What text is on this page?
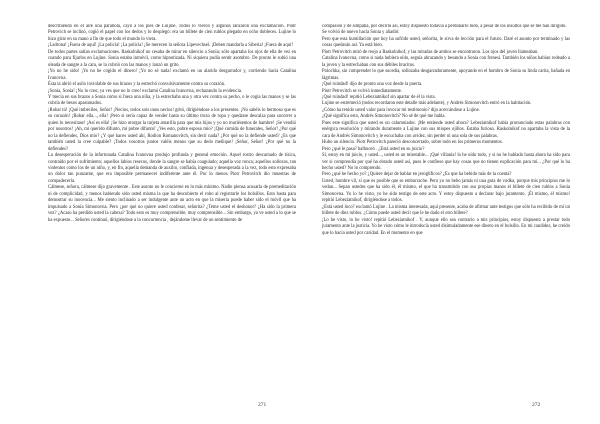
describiendo en el aire una parábola, cayó a los pies de Luijine. Todos lo vieron y algunos lanzaron una exclamación. Piotr Petrovich se inclinó, cogió el papel con los dedos y lo desplegó: era un billete de cien rublos plegado en ocho dobleces. Lujine lo hizo girar en su mano a fin de que todo el mundo lo viera.

¡Ladrona! ¡Fuera de aquí! ¡La policía! ¡La policía! ¡Se merecen la señora Lipevechsel. ¡Deben mandarla a Siberia! ¡Fuera de aquí!

De todos partes salían exclamaciones. Raskolnikof no cesaba de mirar en silencio a Sonia; sólo apartaba los ojos de ella de vez en cuando para fijarlos en Lujine. Sonia estaba inmóvil, como hipnotizada. Ni siquiera podía sentir asombro. De pronto le subió una oleada de sangre a la cara, se la cubrió con las manos y lanzó un grito.

¡Yo no he sido! ¡Yo no he cogido el dinero! ¡Yo no sé nada! exclamó en un alarido desgarrador y, corriendo hacia Catalina Ivanovna.

Ésta la abrió el asilo inviolable de sus brazos y la estrechó convulsivamente contra su corazón.

¡Sonia, Sonia! ¡No lo creo; ya ves que no lo creo! exclamó Catalina Ivanovna, rechazando la evidencia.

Y mecía en sus brazos a Sonia como si fuera una niña, y la estrechaba una y otra vez contra su pecho, o le cogía las manos y se las cubría de besos apasionados.

¡Robar tú! ¡Qué imbéciles, Señor! ¡Necios, todos sois unos necios! gritó, dirigiéndose a los presentes. ¡No sabéis lo hermoso que es su corazón! ¡Robar ella..., ella! ¡Pero si sería capaz de vender hasta su último trozo de ropa y quedarse descalza para socorrer a quien lo necesitase! ¡Así es ella! ¡Se hizo otorgar la tarjeta amarilla para que mis hijos y yo no muriésemos de hambre! ¡Se vendió por nosotros! ¡Ah, mi querido difunto, mi pobre difunto! ¿Ves esto, pobre esposo mío? ¡Qué comida de funerales, Señor! ¿Por qué no la defiendes, Dios mío? ¿Y qué haces usted ahí, Rodion Romanovitch, sin decir nada? ¿Por qué no la defiende usted? ¿Es que también usted la cree culpable? ¡Todos vosotros juntos valéis menos que su dedo meñique! ¡Señor, Señor! ¿Por qué no la defiendes?

La desesperación de la infortunada Catalina Ivanovna produjo profunda y general emoción. Aquel rostro descarnado de tísica, contraído por el sufrimiento; aquellos labios resecos, donde la sangre se había coagulado; aquella voz ronca; aquellos sollozos, tan violentos como los de un niño, y, en fin, aquella demanda de auxilio, confiada, ingenua y desesperada a la vez, todo esto expresaba un dolor tan punzante, que era imposible permanecer indiferente ante él. Por lo menos Piotr Petrovitch dio muestras de compadecerla.

Cálmese, señora, cálmese dijo gravemente . Este asunto no le concierne en lo más mínimo. Nadie piensa acusarla de premeditación ni de complicidad, y menos habiendo sido usted misma la que ha descubierto el robo al registrarle los bolsillos. Esto basta para demostrar su inocencia... Me siento inclinado a ser indulgente ante un acto en que la miseria puede haber sido el móvil que ha impulsado a Sonia Simonovna. Pero ¿por qué no quiere usted confesar, señorita? ¿Teme usted el deshonor? ¿Ha sido la primera vez? ¿Acaso ha perdido usted la cabeza? Todo esto es muy comprensible, muy comprensible... Sin embargo, ya ve usted a lo que se ha expuesto... Señores continuó, dirigiéndose a la concurrencia , dejándome llevar de un sentimiento de

271

compasión y de simpatía, por decirlo así, estoy dispuesto todavía a perdonarlo todo, a pesar de los insultos que se me han dirigido.

Se volvió de nuevo hacia Sonia y añadió:

Pero que esta humillación que hoy ha sufrido usted, señorita, le sirva de lección para el futuro. Daré el asunto por terminado y las cosas quedarán así. Ya está bien.

Piotr Petrovitch miró de reojo a Raskolnikof, y las miradas de ambos se encontraron. Los ojos del joven llameaban.

Catalina Ivanovna, como si nada hubiera oído, seguía abrazando y besando a Sonia con frenesí. También los niños habían rodeado a la joven y la estrechaban con sus débiles bracitos.

Polochka, sin comprender lo que sucedía, sollozaba desgarradoramente, apoyando en el hombro de Sonia su linda carita, bañada en lágrimas.

¡Qué ruindad! dijo de pronto una voz desde la puerta.

Piotr Petrovitch se volvió inmediatamente.

¡Qué ruindad! repitió Lebeziatnikof sin apartar de él la vista.

Lujine se estremeció (todos recordaron este detalle más adelante), y Andrés Simonovitch entró en la habitación.

¿Cómo ha tenido usted valor para invocar mi testimonio? dijo acercándose a Lujine.

¿Qué significa esto, Andrés Simonovitch? No sé de qué me habla.

Pues este significa que usted es un calumniador. ¡Me entiende usted ahora? Lebeziatnikof había pronunciado estas palabras con enérgica resolución y mirando duramente a Lujine con sus miopes ojillos. Estaba furioso. Raskolnikof no apartaba la vista de la cara de Andrés Simonovitch y le escuchaba con avidez, sin perder ni una sola de sus palabras.

Hubo un silencio. Piotr Petrovitch pareció desconcertado, sobre todo en los primeros momentos.

Pero ¿qué le pasa? balbuceó . ¿Está usted en su juicio?

Sí, estoy en mi juicio, y usted..., usted es un miserable... ¡Qué villanía! lo he oído todo, y si no he hablado hasta ahora ha sido para ver si comprendía por qué ha obrado usted así, pues le confieso que hay cosas que no tienen explicación para mí... ¿Por qué lo ha hecho usted? No lo comprendo.

Pero ¿qué he hecho yo? ¿Quiere dejar de hablar en jeroglíficos? ¿Es que ha bebido más de la cuenta?

Usted, hombre vil, sí que es posible que se emborrache. Pero yo no bebo jamás ni una gota de vodka, porque mis principios me lo vedan... Sepan ustedes que ha sido él, él mismo, el que ha transmitido con sus propias manos el billete de cien rublos a Sonia Simonovna. Yo lo he visto, yo he sido testigo de este acto. Y estoy dispuesto a declarar bajo juramento. ¡Él mismo, él mismo! repitió Lebeziatnikof, dirigiéndose a todos.

¿Está usted loco? exclamó Lujine . La misma interesada, aquí presente, acaba de afirmar ante testigos que sólo ha recibido de mí un billete de diez rublos. ¿Cómo puede usted decir que le he dado el otro billete?

¡Lo he visto, lo he visto! repitió Lebeziatnikof . Y, aunque ello sea contrario a mis principios, estoy dispuesto a prestar todo juramento ante la justicia. Yo he visto cómo le introducía usted disimuladamente ese dinero en el bolsillo. En mi candidez, he creído que lo hacía usted por caridad. En el momento en que

272
